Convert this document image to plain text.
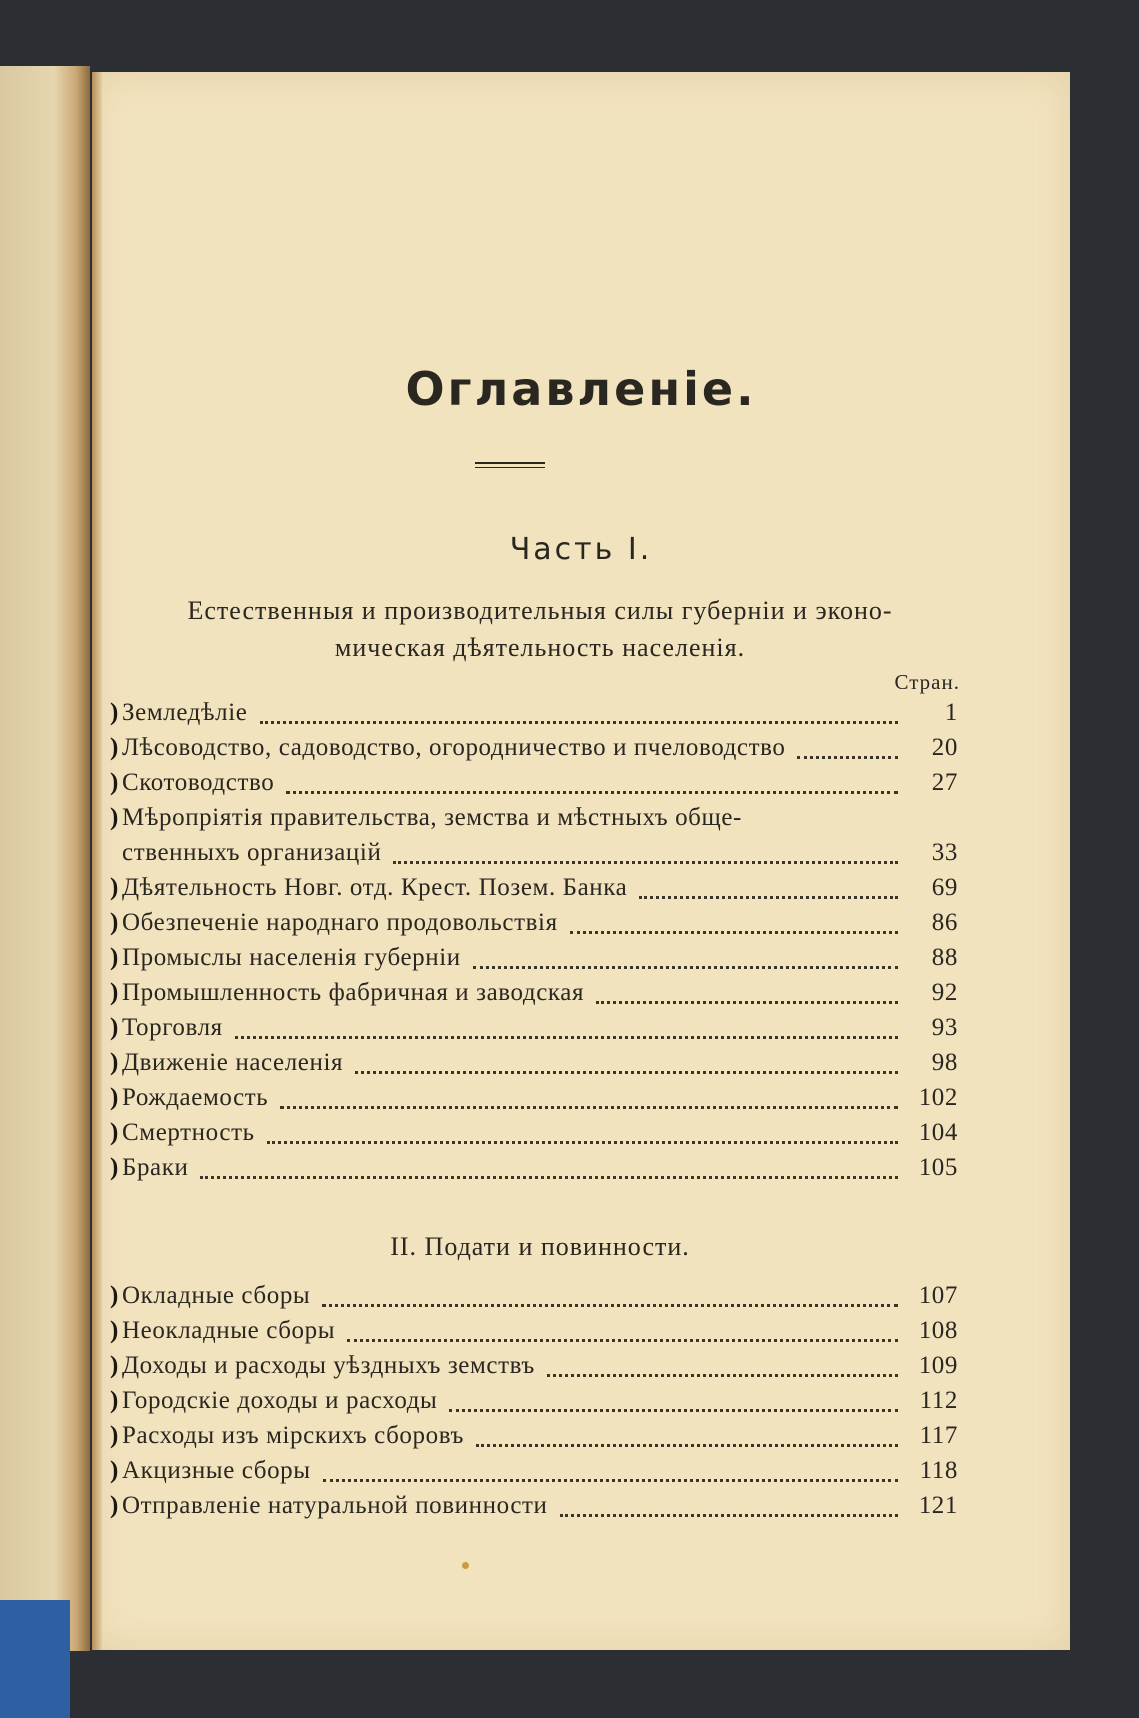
Оглавленіе.
Часть I.
Естественныя и производительныя силы губерніи и эконо-
мическая дѣятельность населенія.
Стран.
) Земледѣліе	1
) Лѣсоводство, садоводство, огородничество и пчеловодство	20
) Скотоводство	27
) Мѣропріятія правительства, земства и мѣстныхъ обще-
ственныхъ организацій	33
) Дѣятельность Новг. отд. Крест. Позем. Банка	69
) Обезпеченіе народнаго продовольствія	86
) Промыслы населенія губерніи	88
) Промышленность фабричная и заводская	92
) Торговля	93
) Движеніе населенія	98
) Рождаемость	102
) Смертность	104
) Браки	105
II. Подати и повинности.
) Окладные сборы	107
) Неокладные сборы	108
) Доходы и расходы уѣздныхъ земствъ	109
) Городскіе доходы и расходы	112
) Расходы изъ мірскихъ сборовъ	117
) Акцизные сборы	118
) Отправленіе натуральной повинности	121
